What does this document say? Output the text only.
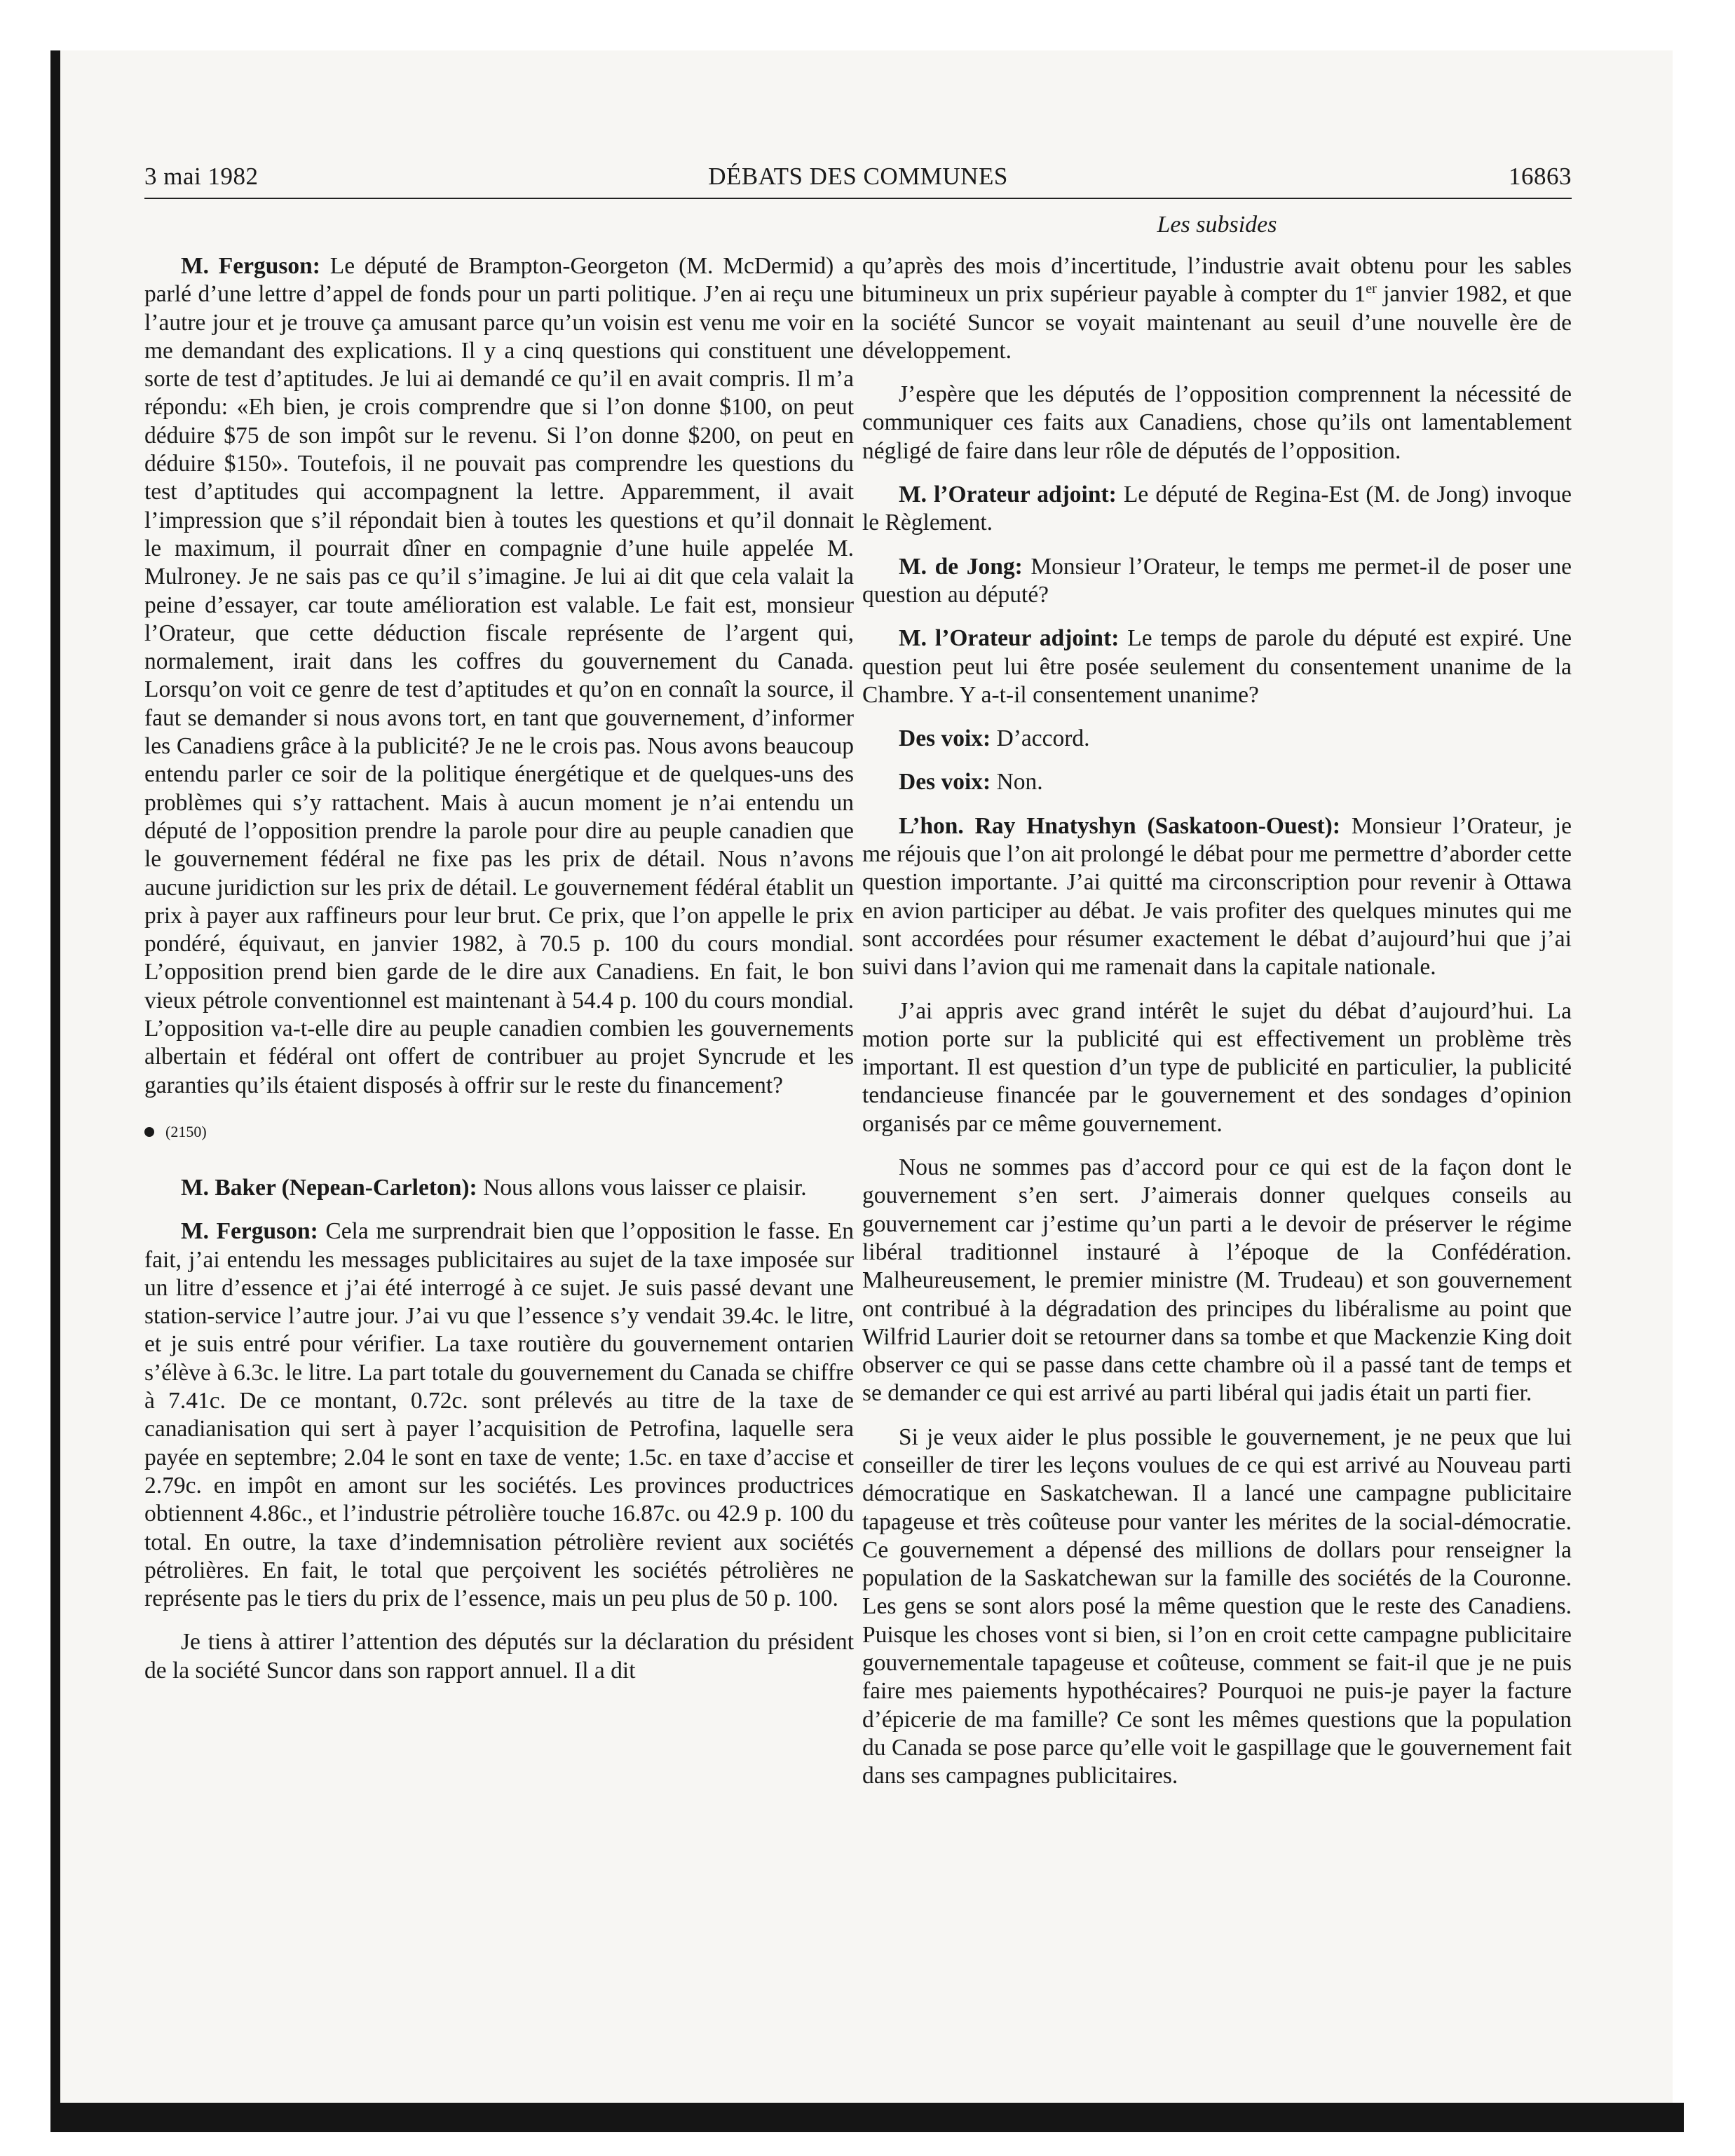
3 mai 1982	DÉBATS DES COMMUNES	16863
Les subsides

M. Ferguson: Le député de Brampton-Georgeton (M. McDermid) a parlé d’une lettre d’appel de fonds pour un parti politique. J’en ai reçu une l’autre jour et je trouve ça amusant parce qu’un voisin est venu me voir en me demandant des explications. Il y a cinq questions qui constituent une sorte de test d’aptitudes. Je lui ai demandé ce qu’il en avait compris. Il m’a répondu: «Eh bien, je crois comprendre que si l’on donne $100, on peut déduire $75 de son impôt sur le revenu. Si l’on donne $200, on peut en déduire $150». Toutefois, il ne pouvait pas comprendre les questions du test d’aptitudes qui accompagnent la lettre. Apparemment, il avait l’impression que s’il répondait bien à toutes les questions et qu’il donnait le maximum, il pourrait dîner en compagnie d’une huile appelée M. Mulroney. Je ne sais pas ce qu’il s’imagine. Je lui ai dit que cela valait la peine d’essayer, car toute amélioration est valable. Le fait est, monsieur l’Orateur, que cette déduction fiscale représente de l’argent qui, normalement, irait dans les coffres du gouvernement du Canada. Lorsqu’on voit ce genre de test d’aptitudes et qu’on en connaît la source, il faut se demander si nous avons tort, en tant que gouvernement, d’informer les Canadiens grâce à la publicité? Je ne le crois pas. Nous avons beaucoup entendu parler ce soir de la politique énergétique et de quelques-uns des problèmes qui s’y rattachent. Mais à aucun moment je n’ai entendu un député de l’opposition prendre la parole pour dire au peuple canadien que le gouvernement fédéral ne fixe pas les prix de détail. Nous n’avons aucune juridiction sur les prix de détail. Le gouvernement fédéral établit un prix à payer aux raffineurs pour leur brut. Ce prix, que l’on appelle le prix pondéré, équivaut, en janvier 1982, à 70.5 p. 100 du cours mondial. L’opposition prend bien garde de le dire aux Canadiens. En fait, le bon vieux pétrole conventionnel est maintenant à 54.4 p. 100 du cours mondial. L’opposition va-t-elle dire au peuple canadien combien les gouvernements albertain et fédéral ont offert de contribuer au projet Syncrude et les garanties qu’ils étaient disposés à offrir sur le reste du financement?

(2150)

M. Baker (Nepean-Carleton): Nous allons vous laisser ce plaisir.

M. Ferguson: Cela me surprendrait bien que l’opposition le fasse. En fait, j’ai entendu les messages publicitaires au sujet de la taxe imposée sur un litre d’essence et j’ai été interrogé à ce sujet. Je suis passé devant une station-service l’autre jour. J’ai vu que l’essence s’y vendait 39.4c. le litre, et je suis entré pour vérifier. La taxe routière du gouvernement ontarien s’élève à 6.3c. le litre. La part totale du gouvernement du Canada se chiffre à 7.41c. De ce montant, 0.72c. sont prélevés au titre de la taxe de canadianisation qui sert à payer l’acquisition de Petrofina, laquelle sera payée en septembre; 2.04 le sont en taxe de vente; 1.5c. en taxe d’accise et 2.79c. en impôt en amont sur les sociétés. Les provinces productrices obtiennent 4.86c., et l’industrie pétrolière touche 16.87c. ou 42.9 p. 100 du total. En outre, la taxe d’indemnisation pétrolière revient aux sociétés pétrolières. En fait, le total que perçoivent les sociétés pétrolières ne représente pas le tiers du prix de l’essence, mais un peu plus de 50 p. 100.

Je tiens à attirer l’attention des députés sur la déclaration du président de la société Suncor dans son rapport annuel. Il a dit

qu’après des mois d’incertitude, l’industrie avait obtenu pour les sables bitumineux un prix supérieur payable à compter du 1er janvier 1982, et que la société Suncor se voyait maintenant au seuil d’une nouvelle ère de développement.

J’espère que les députés de l’opposition comprennent la nécessité de communiquer ces faits aux Canadiens, chose qu’ils ont lamentablement négligé de faire dans leur rôle de députés de l’opposition.

M. l’Orateur adjoint: Le député de Regina-Est (M. de Jong) invoque le Règlement.

M. de Jong: Monsieur l’Orateur, le temps me permet-il de poser une question au député?

M. l’Orateur adjoint: Le temps de parole du député est expiré. Une question peut lui être posée seulement du consentement unanime de la Chambre. Y a-t-il consentement unanime?

Des voix: D’accord.

Des voix: Non.

L’hon. Ray Hnatyshyn (Saskatoon-Ouest): Monsieur l’Orateur, je me réjouis que l’on ait prolongé le débat pour me permettre d’aborder cette question importante. J’ai quitté ma circonscription pour revenir à Ottawa en avion participer au débat. Je vais profiter des quelques minutes qui me sont accordées pour résumer exactement le débat d’aujourd’hui que j’ai suivi dans l’avion qui me ramenait dans la capitale nationale.

J’ai appris avec grand intérêt le sujet du débat d’aujourd’hui. La motion porte sur la publicité qui est effectivement un problème très important. Il est question d’un type de publicité en particulier, la publicité tendancieuse financée par le gouvernement et des sondages d’opinion organisés par ce même gouvernement.

Nous ne sommes pas d’accord pour ce qui est de la façon dont le gouvernement s’en sert. J’aimerais donner quelques conseils au gouvernement car j’estime qu’un parti a le devoir de préserver le régime libéral traditionnel instauré à l’époque de la Confédération. Malheureusement, le premier ministre (M. Trudeau) et son gouvernement ont contribué à la dégradation des principes du libéralisme au point que Wilfrid Laurier doit se retourner dans sa tombe et que Mackenzie King doit observer ce qui se passe dans cette chambre où il a passé tant de temps et se demander ce qui est arrivé au parti libéral qui jadis était un parti fier.

Si je veux aider le plus possible le gouvernement, je ne peux que lui conseiller de tirer les leçons voulues de ce qui est arrivé au Nouveau parti démocratique en Saskatchewan. Il a lancé une campagne publicitaire tapageuse et très coûteuse pour vanter les mérites de la social-démocratie. Ce gouvernement a dépensé des millions de dollars pour renseigner la population de la Saskatchewan sur la famille des sociétés de la Couronne. Les gens se sont alors posé la même question que le reste des Canadiens. Puisque les choses vont si bien, si l’on en croit cette campagne publicitaire gouvernementale tapageuse et coûteuse, comment se fait-il que je ne puis faire mes paiements hypothécaires? Pourquoi ne puis-je payer la facture d’épicerie de ma famille? Ce sont les mêmes questions que la population du Canada se pose parce qu’elle voit le gaspillage que le gouvernement fait dans ses campagnes publicitaires.
